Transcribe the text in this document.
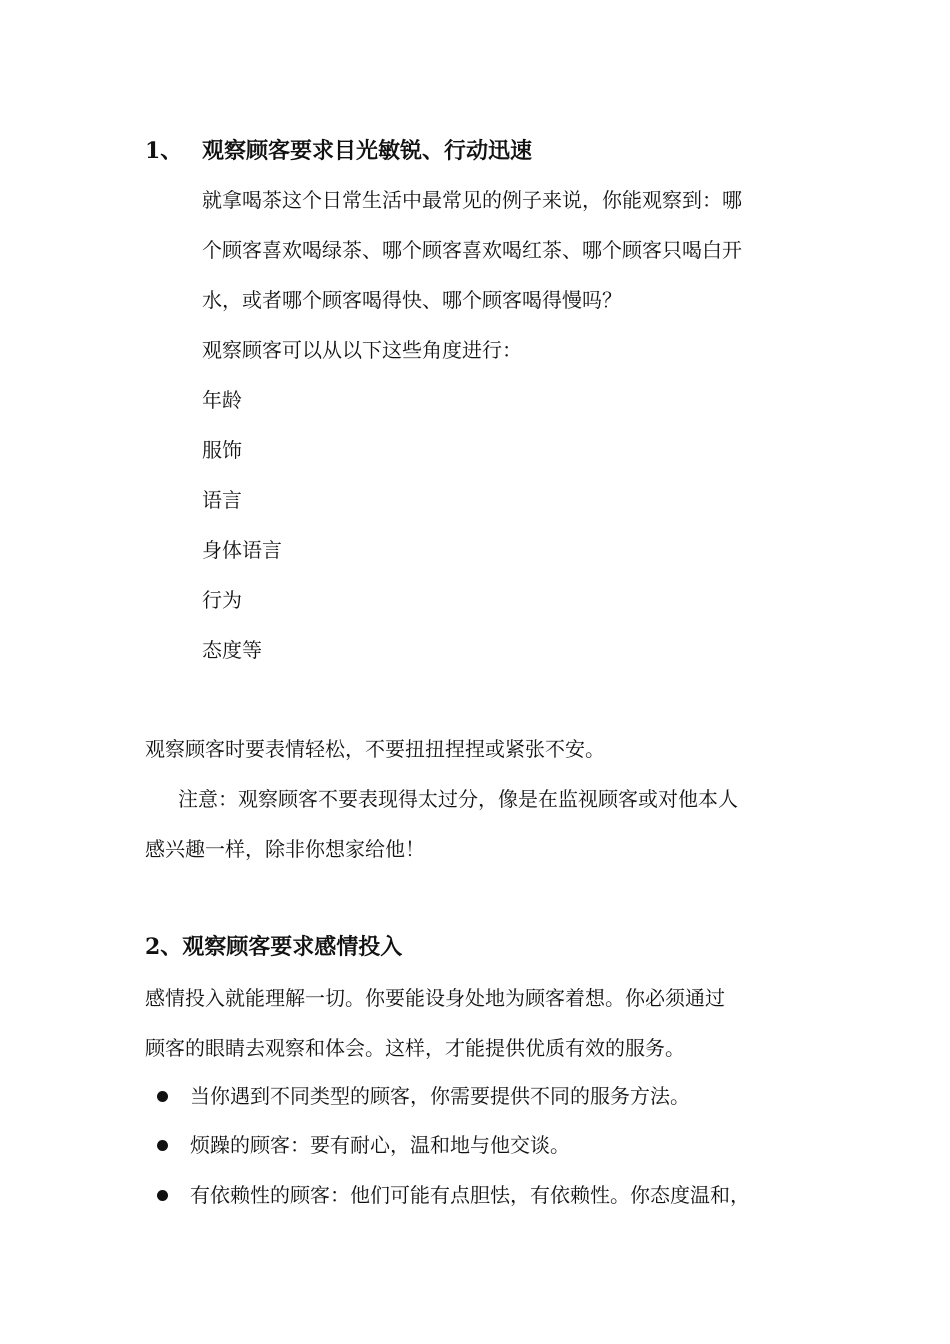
1、 观察顾客要求目光敏锐、行动迅速
就拿喝茶这个日常生活中最常见的例子来说，你能观察到：哪
个顾客喜欢喝绿茶、哪个顾客喜欢喝红茶、哪个顾客只喝白开
水，或者哪个顾客喝得快、哪个顾客喝得慢吗？
观察顾客可以从以下这些角度进行：
年龄
服饰
语言
身体语言
行为
态度等
观察顾客时要表情轻松，不要扭扭捏捏或紧张不安。
注意：观察顾客不要表现得太过分，像是在监视顾客或对他本人
感兴趣一样，除非你想家给他！
2、观察顾客要求感情投入
感情投入就能理解一切。你要能设身处地为顾客着想。你必须通过
顾客的眼睛去观察和体会。这样，才能提供优质有效的服务。
当你遇到不同类型的顾客，你需要提供不同的服务方法。
烦躁的顾客：要有耐心，温和地与他交谈。
有依赖性的顾客：他们可能有点胆怯，有依赖性。你态度温和，
